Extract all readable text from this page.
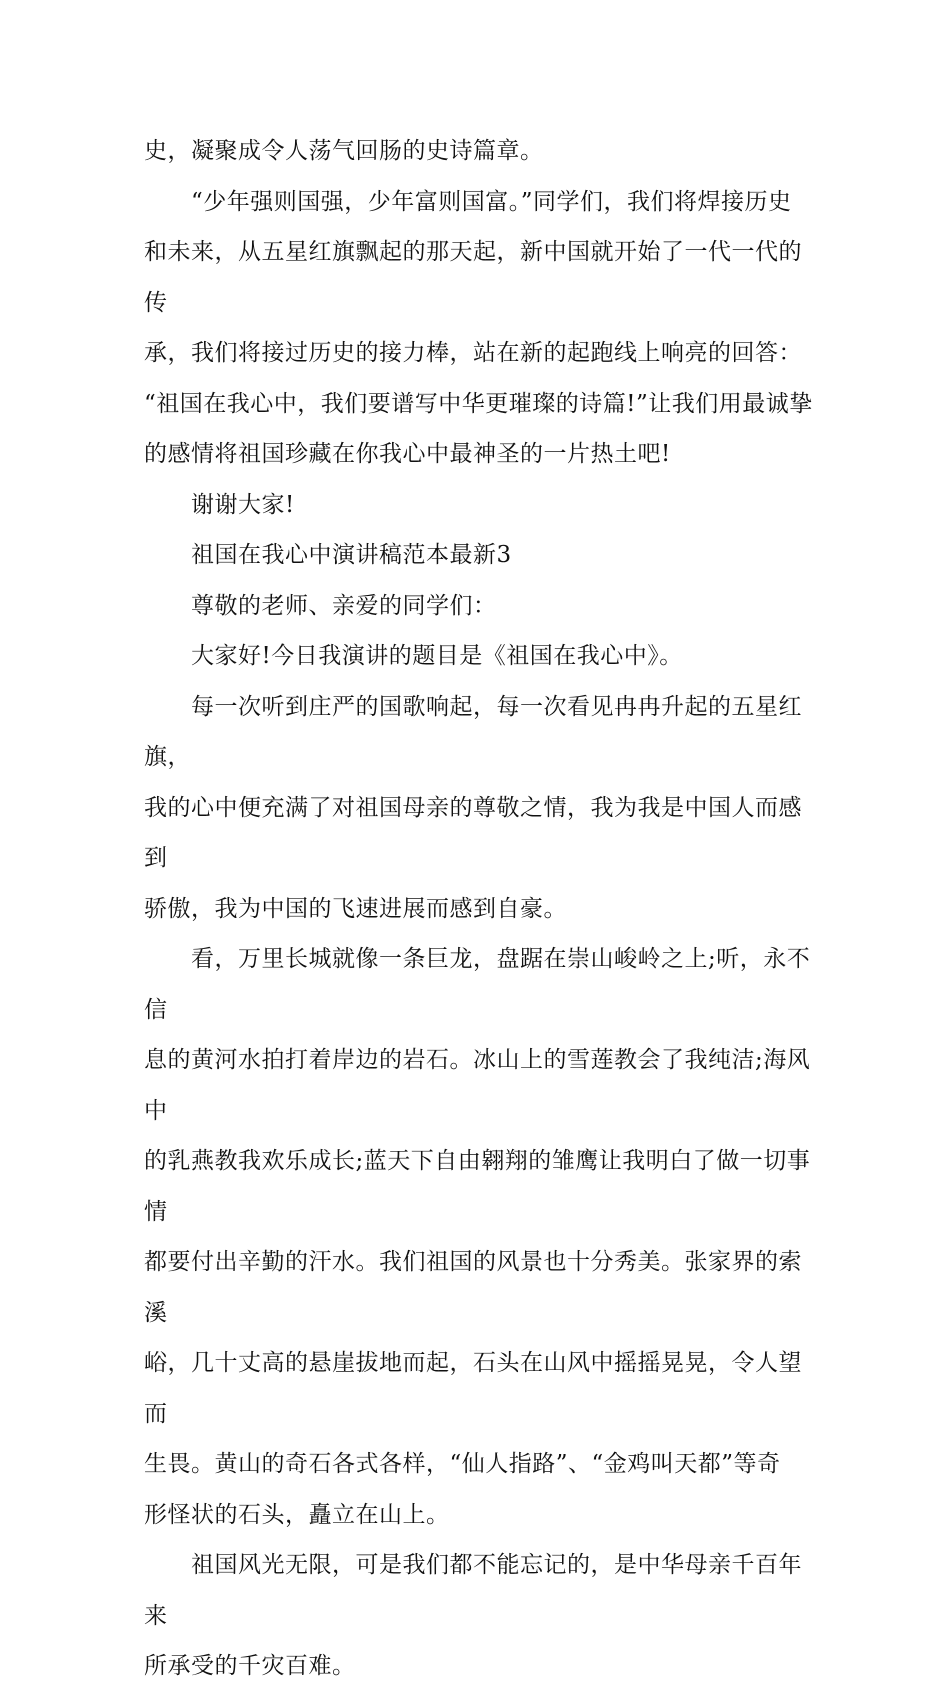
史，凝聚成令人荡气回肠的史诗篇章。

　　“少年强则国强，少年富则国富。”同学们，我们将焊接历史
和未来，从五星红旗飘起的那天起，新中国就开始了一代一代的传
承，我们将接过历史的接力棒，站在新的起跑线上响亮的回答：
“祖国在我心中，我们要谱写中华更璀璨的诗篇!”让我们用最诚挚
的感情将祖国珍藏在你我心中最神圣的一片热土吧!

　　谢谢大家!

　　祖国在我心中演讲稿范本最新3

　　尊敬的老师、亲爱的同学们：

　　大家好!今日我演讲的题目是《祖国在我心中》。

　　每一次听到庄严的国歌响起，每一次看见冉冉升起的五星红旗，
我的心中便充满了对祖国母亲的尊敬之情，我为我是中国人而感到
骄傲，我为中国的飞速进展而感到自豪。

　　看，万里长城就像一条巨龙，盘踞在崇山峻岭之上;听，永不信
息的黄河水拍打着岸边的岩石。冰山上的雪莲教会了我纯洁;海风中
的乳燕教我欢乐成长;蓝天下自由翱翔的雏鹰让我明白了做一切事情
都要付出辛勤的汗水。我们祖国的风景也十分秀美。张家界的索溪
峪，几十丈高的悬崖拔地而起，石头在山风中摇摇晃晃，令人望而
生畏。黄山的奇石各式各样，“仙人指路”、“金鸡叫天都”等奇
形怪状的石头，矗立在山上。

　　祖国风光无限，可是我们都不能忘记的，是中华母亲千百年来
所承受的千灾百难。
